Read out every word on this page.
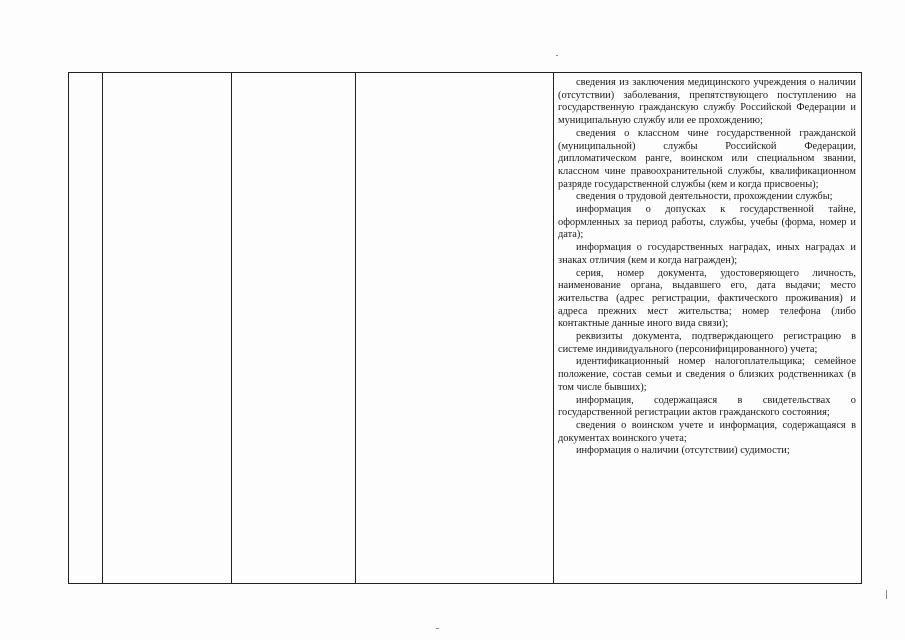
сведения из заключения медицинского учреждения о наличии (отсутствии) заболевания, препятствующего поступлению на государственную гражданскую службу Российской Федерации и муниципальную службу или ее прохождению;

сведения о классном чине государственной гражданской (муниципальной) службы Российской Федерации, дипломатическом ранге, воинском или специальном звании, классном чине правоохранительной службы, квалификационном разряде государственной службы (кем и когда присвоены);

сведения о трудовой деятельности, прохождении службы;

информация о допусках к государственной тайне, оформленных за период работы, службы, учебы (форма, номер и дата);

информация о государственных наградах, иных наградах и знаках отличия (кем и когда награжден);

серия, номер документа, удостоверяющего личность, наименование органа, выдавшего его, дата выдачи; место жительства (адрес регистрации, фактического проживания) и адреса прежних мест жительства; номер телефона (либо контактные данные иного вида связи);

реквизиты документа, подтверждающего регистрацию в системе индивидуального (персонифицированного) учета;

идентификационный номер налогоплательщика; семейное положение, состав семьи и сведения о близких родственниках (в том числе бывших);

информация, содержащаяся в свидетельствах о государственной регистрации актов гражданского состояния;

сведения о воинском учете и информация, содержащаяся в документах воинского учета;

информация о наличии (отсутствии) судимости;
